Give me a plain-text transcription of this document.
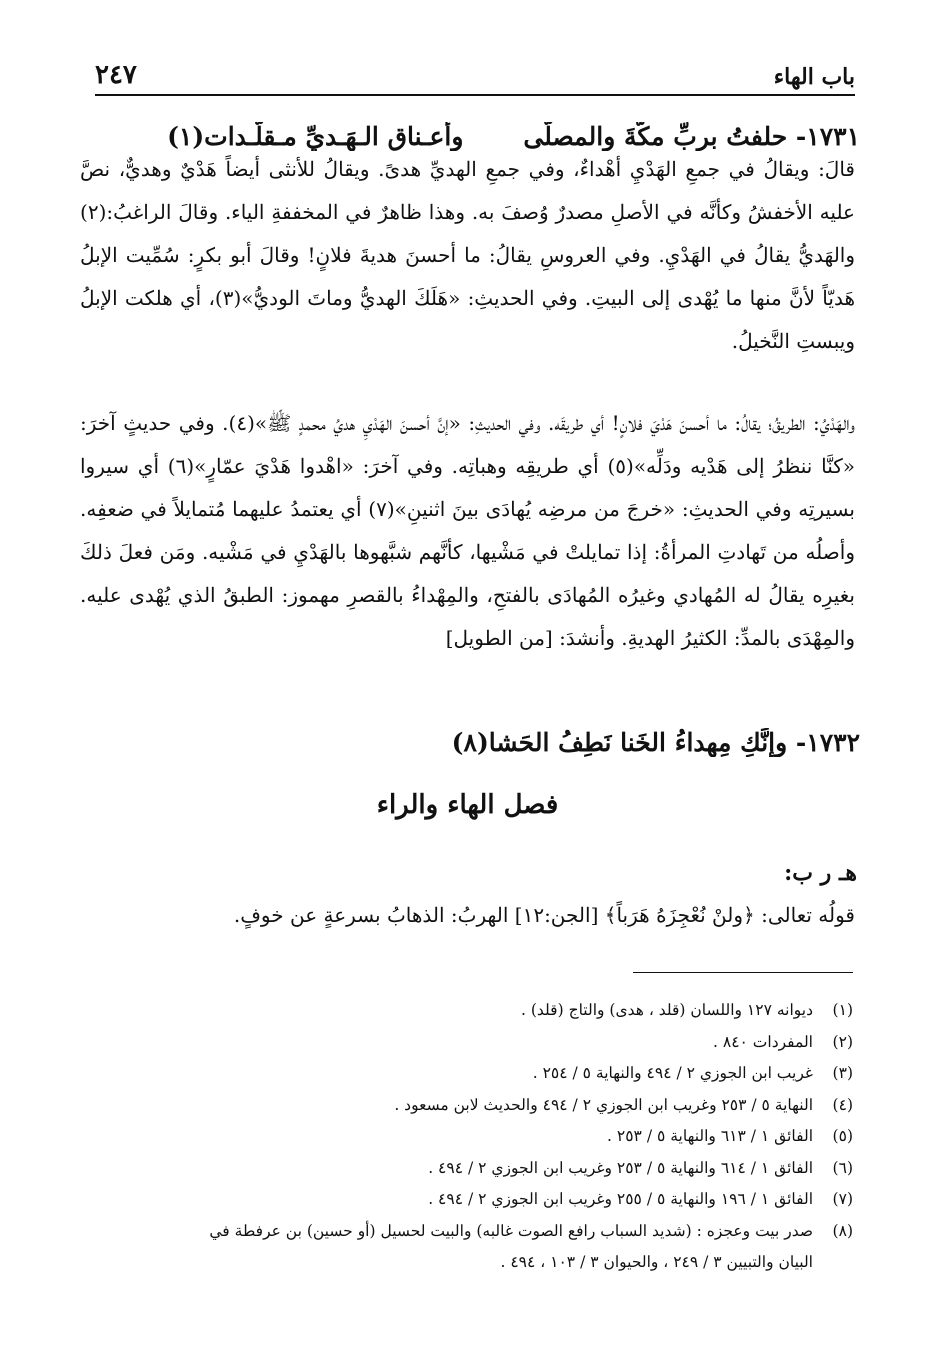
باب الهاء
٢٤٧
١٧٣١- حلفتُ بربِّ مكَّةَ والمصلَّىوأعـناقِ الـهَـديِّ مـقلَّـدات(١)

قالَ: ويقالُ في جمعِ الهَدْيِ أهْداءٌ، وفي جمعِ الهديِّ هدىً. ويقالُ للأنثى أيضاً هَدْيٌ وهديٌّ، نصَّ عليه الأخفشُ وكأنَّه في الأصلِ مصدرٌ وُصفَ به. وهذا ظاهرٌ في المخففةِ الياء. وقالَ الراغبُ:(٢) والهَديُّ يقالُ في الهَدْيِ. وفي العروسِ يقالُ: ما أحسنَ هديةَ فلانٍ! وقالَ أبو بكرٍ: سُمِّيت الإبلُ هَديّاً لأنَّ منها ما يُهْدى إلى البيتِ. وفي الحديثِ: «هَلَكَ الهديُّ وماتَ الوديُّ»(٣)، أي هلكت الإبلُ ويبستِ النَّخيلُ.

والهَدْيُ: الطريقُ؛ يقالُ: ما أحسنَ هَدْيَ فلانٍ! أي طريقَه. وفي الحديثِ: «إنَّ أحسنَ الهَدْيِ هديُ محمدٍ ﷺ»(٤). وفي حديثٍ آخرَ: «كنَّا ننظرُ إلى هَدْيه ودَلِّه»(٥) أي طريقِه وهباتِه. وفي آخرَ: «اهْدوا هَدْيَ عمّارٍ»(٦) أي سيروا بسيرتِه وفي الحديثِ: «خرجَ من مرضِه يُهادَى بينَ اثنينِ»(٧) أي يعتمدُ عليهما مُتمايلاً في ضعفِه. وأصلُه من تَهادتِ المرأةُ: إذا تمايلتْ في مَشْيها، كأنَّهم شبَّهوها بالهَدْيِ في مَشْيه. ومَن فعلَ ذلكَ بغيرِه يقالُ له المُهادي وغيرُه المُهادَى بالفتحِ، والمِهْداءُ بالقصرِ مهموز: الطبقُ الذي يُهْدى عليه. والمِهْدَى بالمدِّ: الكثيرُ الهديةِ. وأنشدَ: [من الطويل]

١٧٣٢- وإنَّكِ مِهداءُ الخَنا نَطِفُ الحَشا(٨)
فصل الهاء والراء
هـ ر ب:
قولُه تعالى: ﴿ولنْ نُعْجِزَهُ هَرَباً﴾ [الجن:١٢] الهربُ: الذهابُ بسرعةٍ عن خوفٍ.
(١)ديوانه ١٢٧ واللسان (قلد ، هدى) والتاج (قلد) .
(٢)المفردات ٨٤٠ .
(٣)غريب ابن الجوزي ٢ / ٤٩٤ والنهاية ٥ / ٢٥٤ .
(٤)النهاية ٥ / ٢٥٣ وغريب ابن الجوزي ٢ / ٤٩٤ والحديث لابن مسعود .
(٥)الفائق ١ / ٦١٣ والنهاية ٥ / ٢٥٣ .
(٦)الفائق ١ / ٦١٤ والنهاية ٥ / ٢٥٣ وغريب ابن الجوزي ٢ / ٤٩٤ .
(٧)الفائق ١ / ١٩٦ والنهاية ٥ / ٢٥٥ وغريب ابن الجوزي ٢ / ٤٩٤ .
(٨)صدر بيت وعجزه : (شديد السباب رافع الصوت غالبه) والبيت لحسيل (أو حسين) بن عرفطة في
البيان والتبيين ٣ / ٢٤٩ ، والحيوان ٣ / ١٠٣ ، ٤٩٤ .
